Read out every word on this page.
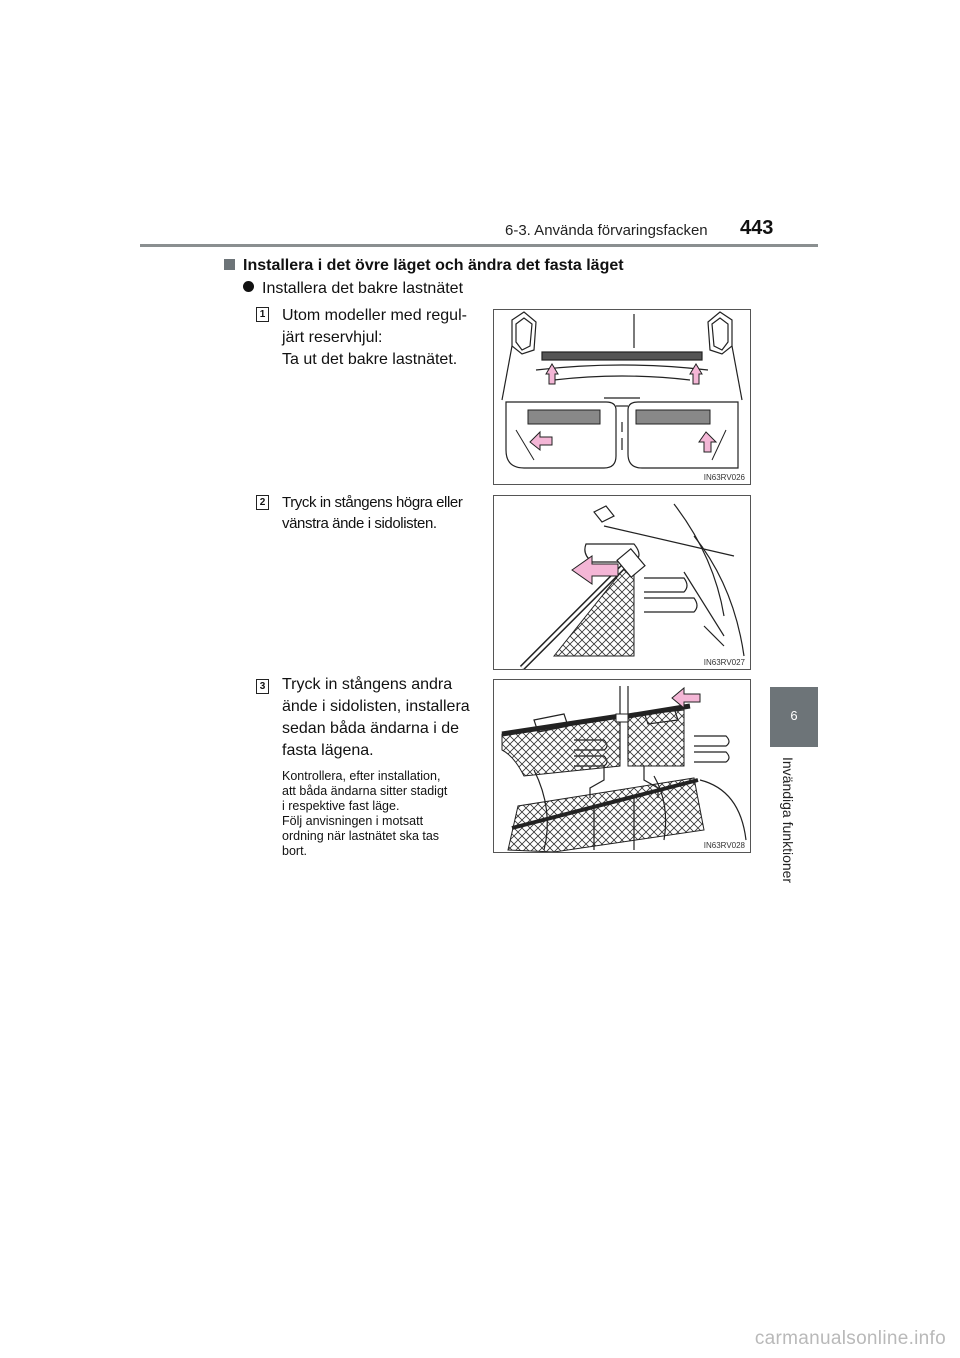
6-3. Använda förvaringsfacken 443
6
Invändiga funktioner
Installera i det övre läget och ändra det fasta läget
Installera det bakre lastnätet
1 Utom modeller med regul-
järt reservhjul:
Ta ut det bakre lastnätet.
IN63RV026
2 Tryck in stångens högra eller
vänstra ände i sidolisten.
IN63RV027
3 Tryck in stångens andra
ände i sidolisten, installera
sedan båda ändarna i de
fasta lägena.
Kontrollera, efter installation,
att båda ändarna sitter stadigt
i respektive fast läge.
Följ anvisningen i motsatt
ordning när lastnätet ska tas
bort.	IN63RV028
carmanualsonline.info
